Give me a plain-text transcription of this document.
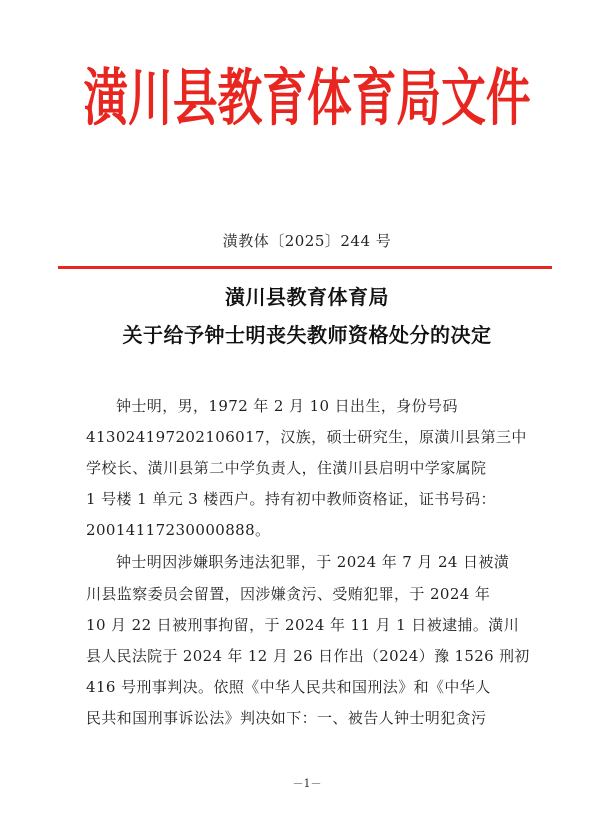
潢川县教育体育局文件
潢教体〔2025〕244 号
潢川县教育体育局
关于给予钟士明丧失教师资格处分的决定
钟士明，男，1972 年 2 月 10 日出生，身份号码
413024197202106017，汉族，硕士研究生，原潢川县第三中
学校长、潢川县第二中学负责人，住潢川县启明中学家属院
1 号楼 1 单元 3 楼西户。持有初中教师资格证，证书号码：
20014117230000888。
钟士明因涉嫌职务违法犯罪，于 2024 年 7 月 24 日被潢
川县监察委员会留置，因涉嫌贪污、受贿犯罪，于 2024 年
10 月 22 日被刑事拘留，于 2024 年 11 月 1 日被逮捕。潢川
县人民法院于 2024 年 12 月 26 日作出（2024）豫 1526 刑初
416 号刑事判决。依照《中华人民共和国刑法》和《中华人
民共和国刑事诉讼法》判决如下：一、被告人钟士明犯贪污
－1－
